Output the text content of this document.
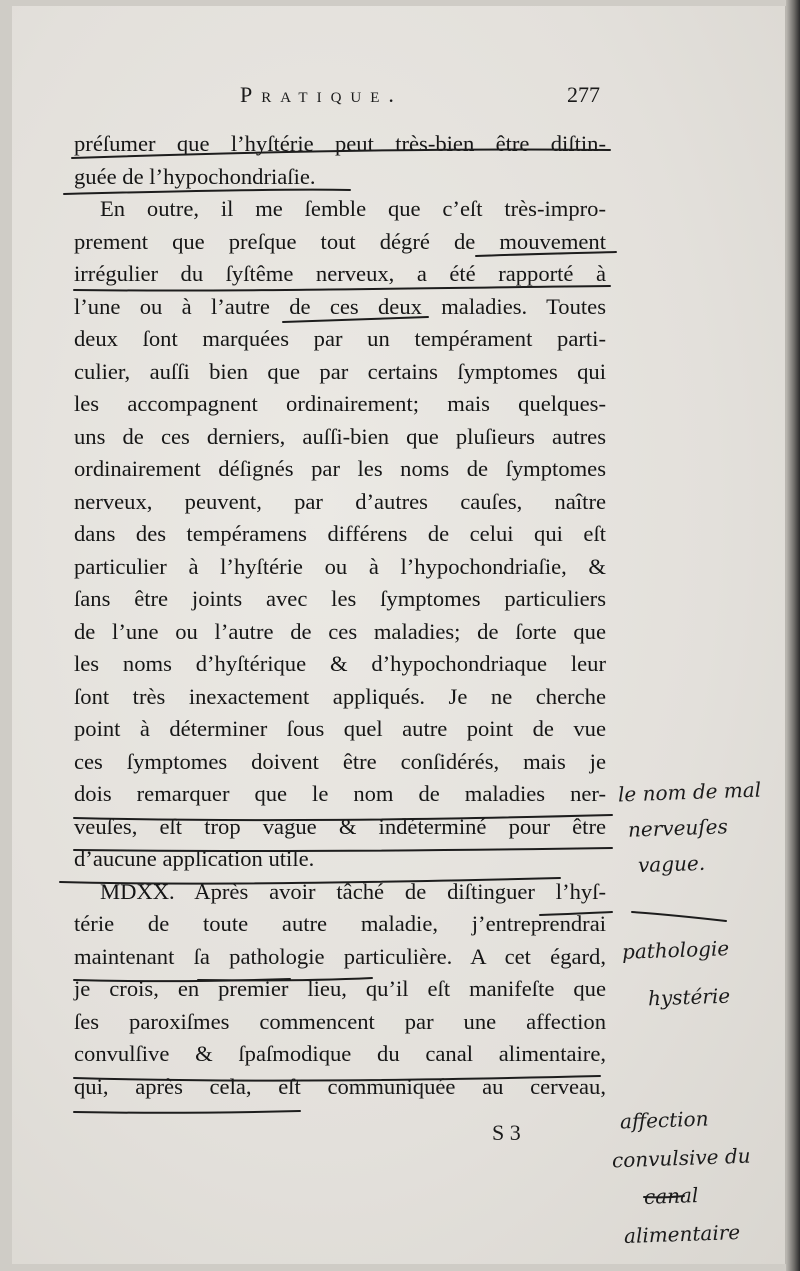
Pratique.	277
préſumer que l’hyſtérie peut très-bien être diſtin-
guée de l’hypochondriaſie.
En outre, il me ſemble que c’eſt très-impro-
prement que preſque tout dégré de mouvement
irrégulier du ſyſtême nerveux, a été rapporté à
l’une ou à l’autre de ces deux maladies. Toutes
deux ſont marquées par un tempérament parti-
culier, auſſi bien que par certains ſymptomes qui
les accompagnent ordinairement; mais quelques-
uns de ces derniers, auſſi-bien que pluſieurs autres
ordinairement déſignés par les noms de ſymptomes
nerveux, peuvent, par d’autres cauſes, naître
dans des tempéramens différens de celui qui eſt
particulier à l’hyſtérie ou à l’hypochondriaſie, &
ſans être joints avec les ſymptomes particuliers
de l’une ou l’autre de ces maladies; de ſorte que
les noms d’hyſtérique & d’hypochondriaque leur
ſont très inexactement appliqués. Je ne cherche
point à déterminer ſous quel autre point de vue
ces ſymptomes doivent être conſidérés, mais je
dois remarquer que le nom de maladies ner-
veuſes, eſt trop vague & indéterminé pour être
d’aucune application utile.
MDXX. Après avoir tâché de diſtinguer l’hyſ-
térie de toute autre maladie, j’entreprendrai
maintenant ſa pathologie particulière. A cet égard,
je crois, en premier lieu, qu’il eſt manifeſte que
ſes paroxiſmes commencent par une affection
convulſive & ſpaſmodique du canal alimentaire,
qui, après cela, eſt communiquée au cerveau,
S 3
le nom de mal
nerveuſes
vague.
pathologie
hystérie
affection
convulsive du
canal
alimentaire
